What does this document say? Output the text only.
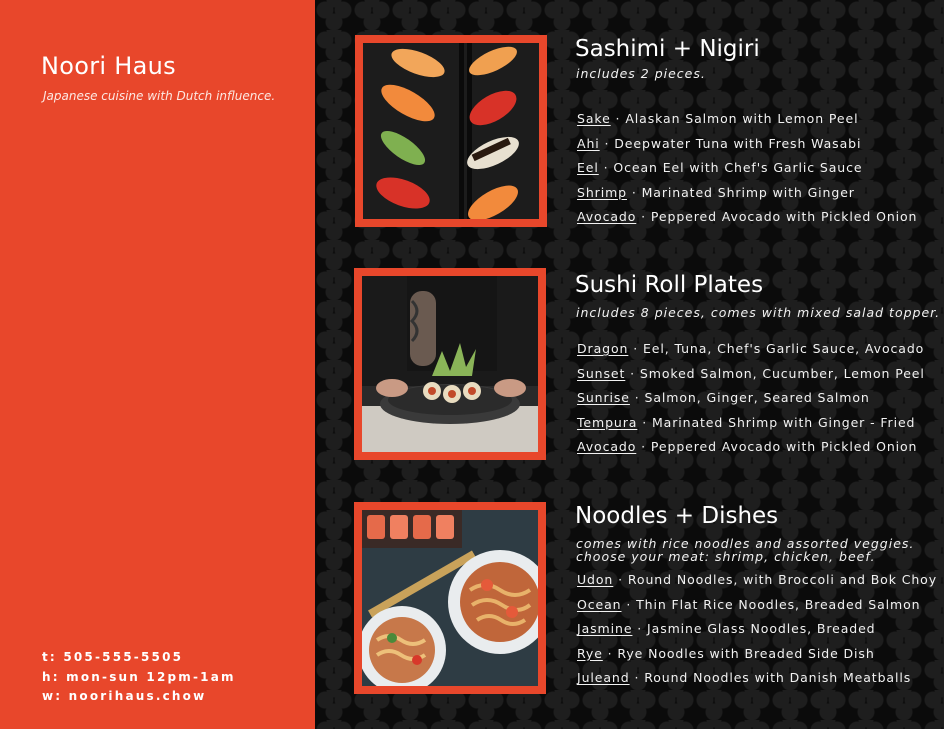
Noori Haus
Japanese cuisine with Dutch influence.
t: 505-555-5505
h: mon-sun 12pm-1am
w: noorihaus.chow
Sashimi + Nigiri
includes 2 pieces.
Sake · Alaskan Salmon with Lemon Peel
Ahi · Deepwater Tuna with Fresh Wasabi
Eel · Ocean Eel with Chef's Garlic Sauce
Shrimp · Marinated Shrimp with Ginger
Avocado · Peppered Avocado with Pickled Onion
Sushi Roll Plates
includes 8 pieces, comes with mixed salad topper.
Dragon · Eel, Tuna, Chef's Garlic Sauce, Avocado
Sunset · Smoked Salmon, Cucumber, Lemon Peel
Sunrise · Salmon, Ginger, Seared Salmon
Tempura · Marinated Shrimp with Ginger - Fried
Avocado · Peppered Avocado with Pickled Onion
Noodles + Dishes
comes with rice noodles and assorted veggies.
choose your meat: shrimp, chicken, beef.
Udon · Round Noodles, with Broccoli and Bok Choy
Ocean · Thin Flat Rice Noodles, Breaded Salmon
Jasmine · Jasmine Glass Noodles, Breaded
Rye · Rye Noodles with Breaded Side Dish
Juleand · Round Noodles with Danish Meatballs
